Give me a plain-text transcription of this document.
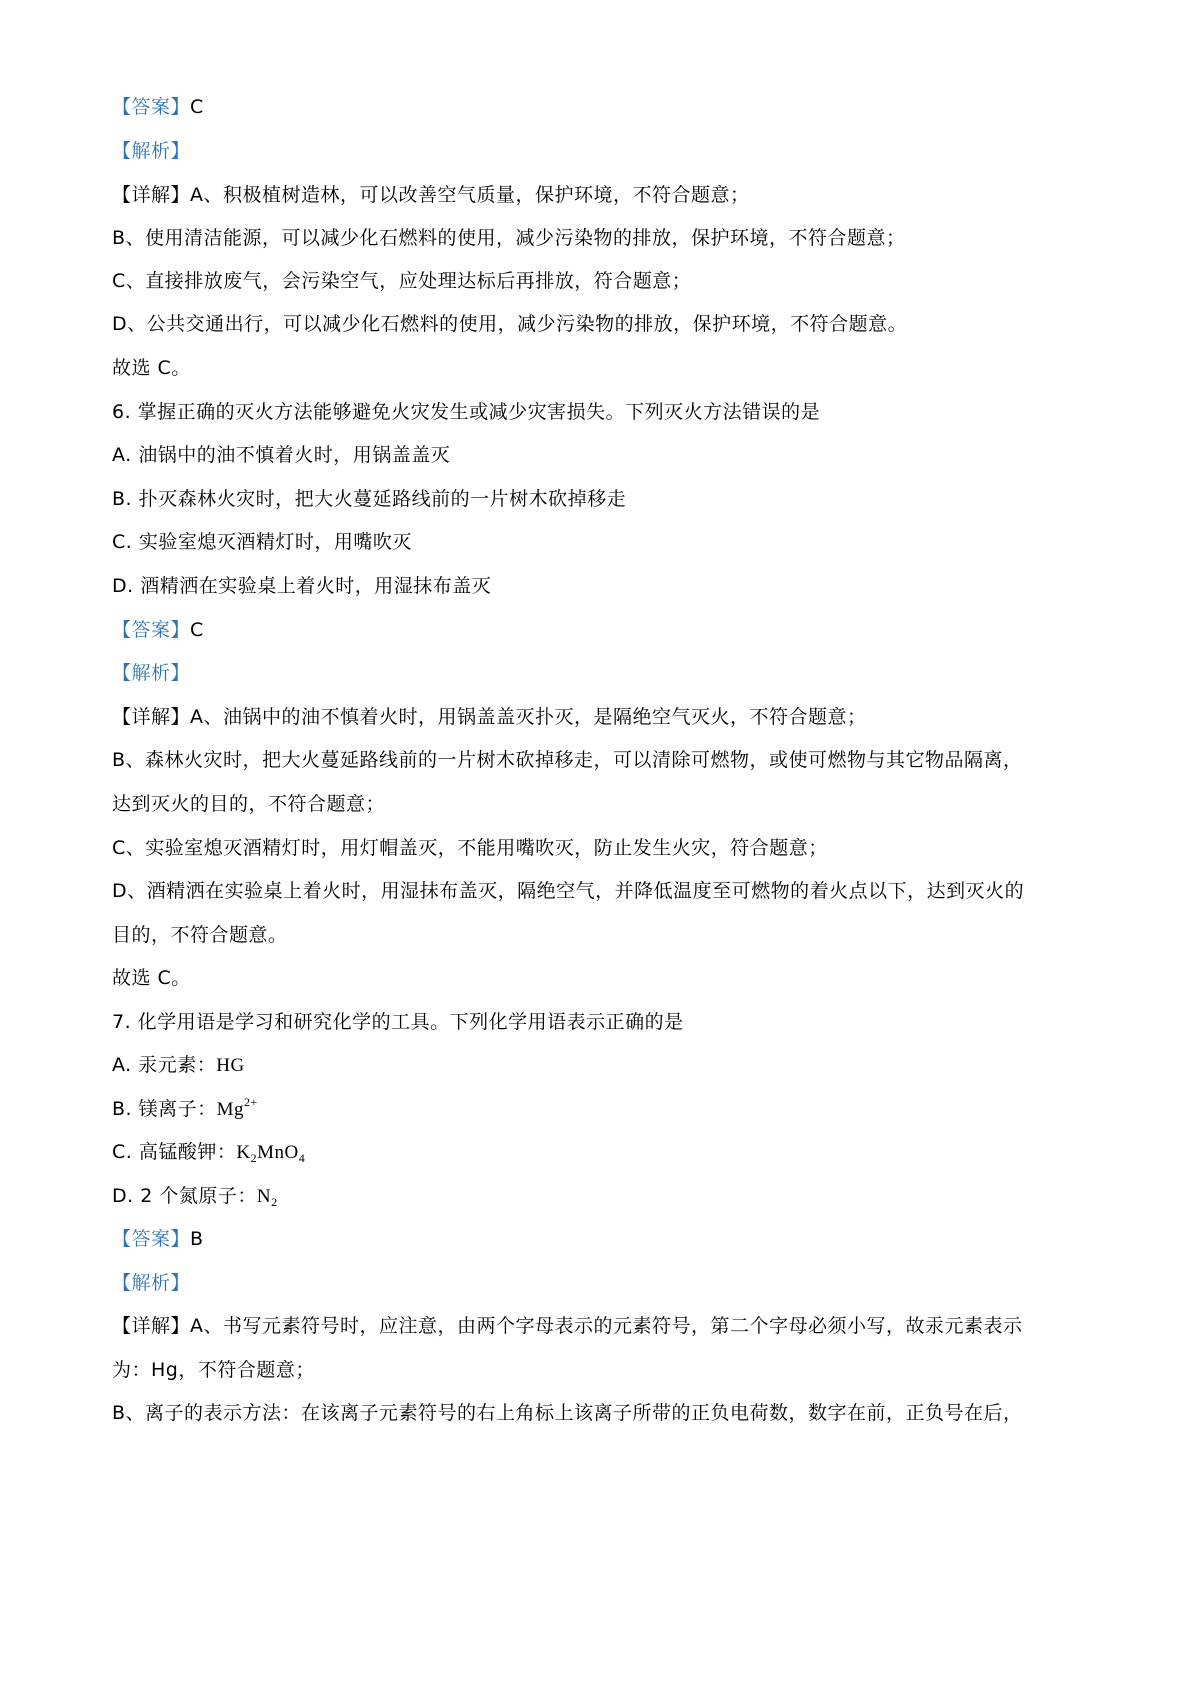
【答案】C
【解析】
【详解】A、积极植树造林，可以改善空气质量，保护环境，不符合题意；
B、使用清洁能源，可以减少化石燃料的使用，减少污染物的排放，保护环境，不符合题意；
C、直接排放废气，会污染空气，应处理达标后再排放，符合题意；
D、公共交通出行，可以减少化石燃料的使用，减少污染物的排放，保护环境，不符合题意。
故选 C。
6. 掌握正确的灭火方法能够避免火灾发生或减少灾害损失。下列灭火方法错误的是
A. 油锅中的油不慎着火时，用锅盖盖灭
B. 扑灭森林火灾时，把大火蔓延路线前的一片树木砍掉移走
C. 实验室熄灭酒精灯时，用嘴吹灭
D. 酒精洒在实验桌上着火时，用湿抹布盖灭
【答案】C
【解析】
【详解】A、油锅中的油不慎着火时，用锅盖盖灭扑灭，是隔绝空气灭火，不符合题意；
B、森林火灾时，把大火蔓延路线前的一片树木砍掉移走，可以清除可燃物，或使可燃物与其它物品隔离，
达到灭火的目的，不符合题意；
C、实验室熄灭酒精灯时，用灯帽盖灭，不能用嘴吹灭，防止发生火灾，符合题意；
D、酒精洒在实验桌上着火时，用湿抹布盖灭，隔绝空气，并降低温度至可燃物的着火点以下，达到灭火的
目的，不符合题意。
故选 C。
7. 化学用语是学习和研究化学的工具。下列化学用语表示正确的是
A. 汞元素：HG
B. 镁离子：$Mg^{2+}$
C. 高锰酸钾：$K_2MnO_4$
D. 2 个氮原子：$N_2$
【答案】B
【解析】
【详解】A、书写元素符号时，应注意，由两个字母表示的元素符号，第二个字母必须小写，故汞元素表示
为：Hg，不符合题意；
B、离子的表示方法：在该离子元素符号的右上角标上该离子所带的正负电荷数，数字在前，正负号在后，
